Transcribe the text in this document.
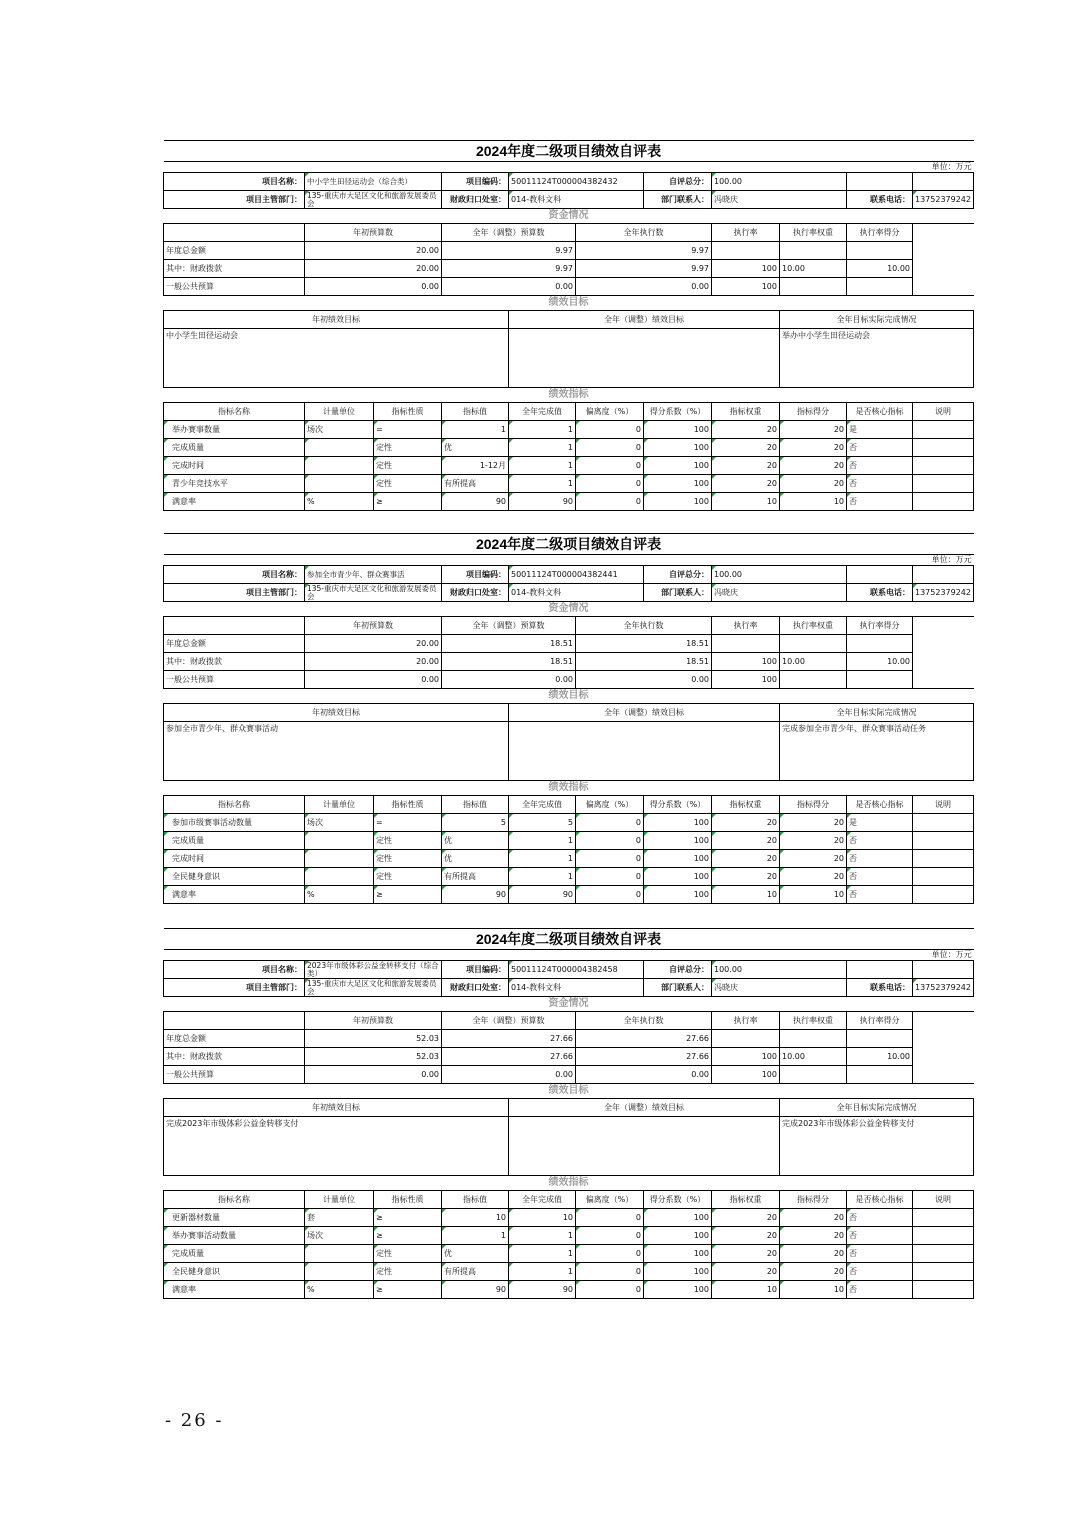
2024年度二级项目绩效自评表										
单位：万元										
项目名称：	中小学生田径运动会（综合类）		项目编码：	50011124T000004382432		自评总分：	100.00			
项目主管部门：	135-重庆市大足区文化和旅游发展委员会		财政归口处室：	014-教科文科		部门联系人：	冯晓庆		联系电话：	13752379242
资金情况										
	年初预算数		全年（调整）预算数		全年执行数		执行率	执行率权重	执行率得分	
年度总金额	20.00		9.97		9.97					
其中：财政拨款	20.00		9.97		9.97		100	10.00	10.00	
一般公共预算	0.00		0.00		0.00		100			
绩效目标										
年初绩效目标				全年（调整）绩效目标				全年目标实际完成情况		
中小学生田径运动会								举办中小学生田径运动会		
绩效指标										
指标名称	计量单位	指标性质	指标值	全年完成值	偏离度（%）	得分系数（%）	指标权重	指标得分	是否核心指标	说明
举办赛事数量	场次	=	1	1	0	100	20	20	是	
完成质量		定性	优	1	0	100	20	20	否	
完成时间		定性	1-12月	1	0	100	20	20	否	
青少年竞技水平		定性	有所提高	1	0	100	20	20	否	
满意率	%	≥	90	90	0	100	10	10	否	
2024年度二级项目绩效自评表										
单位：万元										
项目名称：	参加全市青少年、群众赛事活		项目编码：	50011124T000004382441		自评总分：	100.00			
项目主管部门：	135-重庆市大足区文化和旅游发展委员会		财政归口处室：	014-教科文科		部门联系人：	冯晓庆		联系电话：	13752379242
资金情况										
	年初预算数		全年（调整）预算数		全年执行数		执行率	执行率权重	执行率得分	
年度总金额	20.00		18.51		18.51					
其中：财政拨款	20.00		18.51		18.51		100	10.00	10.00	
一般公共预算	0.00		0.00		0.00		100			
绩效目标										
年初绩效目标				全年（调整）绩效目标				全年目标实际完成情况		
参加全市青少年、群众赛事活动								完成参加全市青少年、群众赛事活动任务		
绩效指标										
指标名称	计量单位	指标性质	指标值	全年完成值	偏离度（%）	得分系数（%）	指标权重	指标得分	是否核心指标	说明
参加市级赛事活动数量	场次	=	5	5	0	100	20	20	是	
完成质量		定性	优	1	0	100	20	20	否	
完成时间		定性	优	1	0	100	20	20	否	
全民健身意识		定性	有所提高	1	0	100	20	20	否	
满意率	%	≥	90	90	0	100	10	10	否	
2024年度二级项目绩效自评表										
单位：万元										
项目名称：	2023年市级体彩公益金转移支付（综合类）		项目编码：	50011124T000004382458		自评总分：	100.00			
项目主管部门：	135-重庆市大足区文化和旅游发展委员会		财政归口处室：	014-教科文科		部门联系人：	冯晓庆		联系电话：	13752379242
资金情况										
	年初预算数		全年（调整）预算数		全年执行数		执行率	执行率权重	执行率得分	
年度总金额	52.03		27.66		27.66					
其中：财政拨款	52.03		27.66		27.66		100	10.00	10.00	
一般公共预算	0.00		0.00		0.00		100			
绩效目标										
年初绩效目标				全年（调整）绩效目标				全年目标实际完成情况		
完成2023年市级体彩公益金转移支付								完成2023年市级体彩公益金转移支付		
绩效指标										
指标名称	计量单位	指标性质	指标值	全年完成值	偏离度（%）	得分系数（%）	指标权重	指标得分	是否核心指标	说明
更新器材数量	套	≥	10	10	0	100	20	20	否	
举办赛事活动数量	场次	≥	1	1	0	100	20	20	否	
完成质量		定性	优	1	0	100	20	20	否	
全民健身意识		定性	有所提高	1	0	100	20	20	否	
满意率	%	≥	90	90	0	100	10	10	否	
- 26 -
